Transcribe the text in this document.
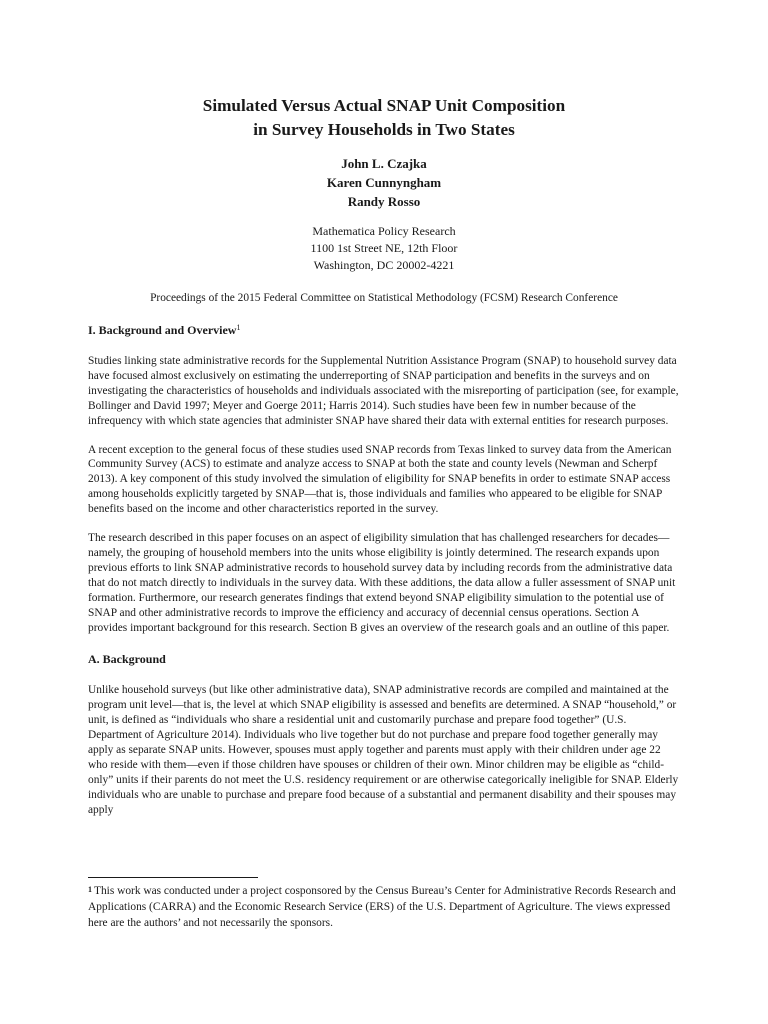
Simulated Versus Actual SNAP Unit Composition
in Survey Households in Two States
John L. Czajka
Karen Cunnyngham
Randy Rosso
Mathematica Policy Research
1100 1st Street NE, 12th Floor
Washington, DC 20002-4221
Proceedings of the 2015 Federal Committee on Statistical Methodology (FCSM) Research Conference
I. Background and Overview$^1$

Studies linking state administrative records for the Supplemental Nutrition Assistance Program (SNAP) to household survey data have focused almost exclusively on estimating the underreporting of SNAP participation and benefits in the surveys and on investigating the characteristics of households and individuals associated with the misreporting of participation (see, for example, Bollinger and David 1997; Meyer and Goerge 2011; Harris 2014). Such studies have been few in number because of the infrequency with which state agencies that administer SNAP have shared their data with external entities for research purposes.

A recent exception to the general focus of these studies used SNAP records from Texas linked to survey data from the American Community Survey (ACS) to estimate and analyze access to SNAP at both the state and county levels (Newman and Scherpf 2013). A key component of this study involved the simulation of eligibility for SNAP benefits in order to estimate SNAP access among households explicitly targeted by SNAP—that is, those individuals and families who appeared to be eligible for SNAP benefits based on the income and other characteristics reported in the survey.

The research described in this paper focuses on an aspect of eligibility simulation that has challenged researchers for decades—namely, the grouping of household members into the units whose eligibility is jointly determined. The research expands upon previous efforts to link SNAP administrative records to household survey data by including records from the administrative data that do not match directly to individuals in the survey data. With these additions, the data allow a fuller assessment of SNAP unit formation. Furthermore, our research generates findings that extend beyond SNAP eligibility simulation to the potential use of SNAP and other administrative records to improve the efficiency and accuracy of decennial census operations. Section A provides important background for this research. Section B gives an overview of the research goals and an outline of this paper.

A. Background

Unlike household surveys (but like other administrative data), SNAP administrative records are compiled and maintained at the program unit level—that is, the level at which SNAP eligibility is assessed and benefits are determined. A SNAP “household,” or unit, is defined as “individuals who share a residential unit and customarily purchase and prepare food together” (U.S. Department of Agriculture 2014). Individuals who live together but do not purchase and prepare food together generally may apply as separate SNAP units. However, spouses must apply together and parents must apply with their children under age 22 who reside with them—even if those children have spouses or children of their own. Minor children may be eligible as “child-only” units if their parents do not meet the U.S. residency requirement or are otherwise categorically ineligible for SNAP. Elderly individuals who are unable to purchase and prepare food because of a substantial and permanent disability and their spouses may apply

$^1$ This work was conducted under a project cosponsored by the Census Bureau’s Center for Administrative Records Research and Applications (CARRA) and the Economic Research Service (ERS) of the U.S. Department of Agriculture. The views expressed here are the authors’ and not necessarily the sponsors.
